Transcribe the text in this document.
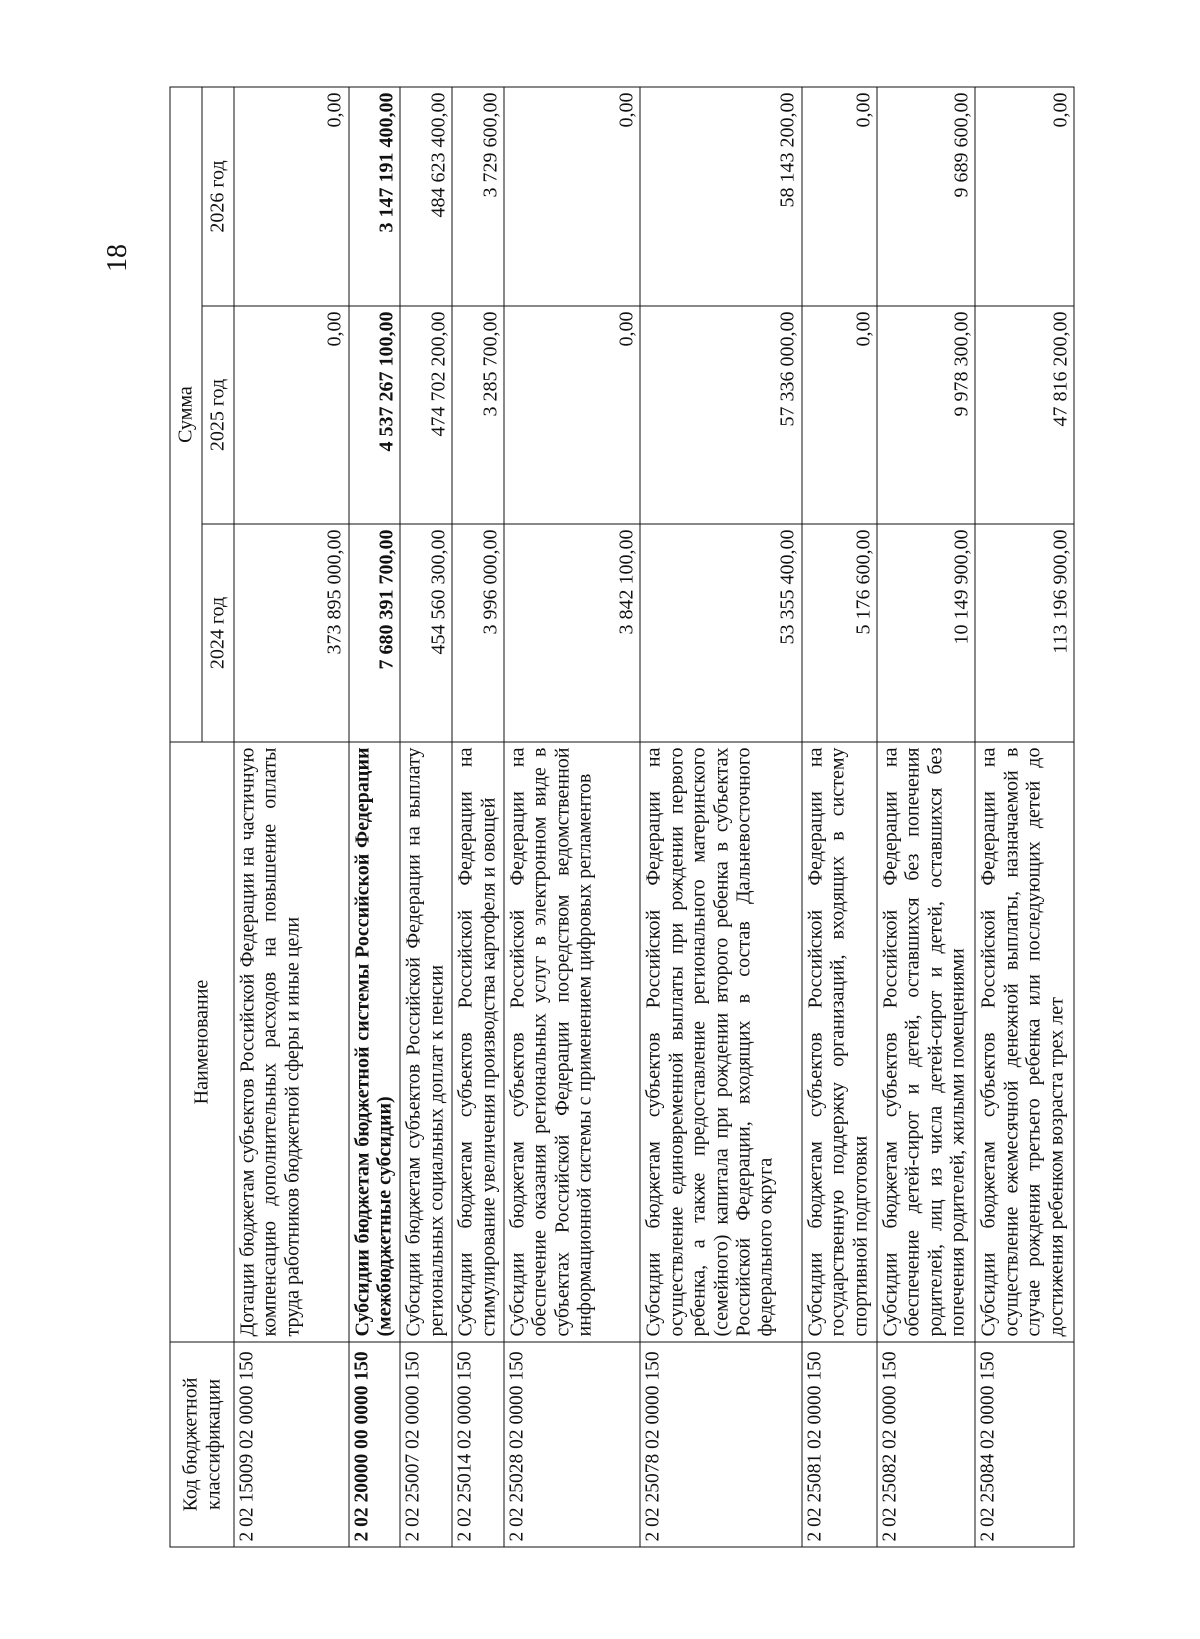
18
Код бюджетной классификации	Наименование	Сумма		
		2024 год	2025 год	2026 год
2 02 15009 02 0000 150	Дотации бюджетам субъектов Российской Федерации на частичную компенсацию дополнительных расходов на повышение оплаты труда работников бюджетной сферы и иные цели	373 895 000,00	0,00	0,00
2 02 20000 00 0000 150	Субсидии бюджетам бюджетной системы Российской Федерации (межбюджетные субсидии)	7 680 391 700,00	4 537 267 100,00	3 147 191 400,00
2 02 25007 02 0000 150	Субсидии бюджетам субъектов Российской Федерации на выплату региональных социальных доплат к пенсии	454 560 300,00	474 702 200,00	484 623 400,00
2 02 25014 02 0000 150	Субсидии бюджетам субъектов Российской Федерации на стимулирование увеличения производства картофеля и овощей	3 996 000,00	3 285 700,00	3 729 600,00
2 02 25028 02 0000 150	Субсидии бюджетам субъектов Российской Федерации на обеспечение оказания региональных услуг в электронном виде в субъектах Российской Федерации посредством ведомственной информационной системы с применением цифровых регламентов	3 842 100,00	0,00	0,00
2 02 25078 02 0000 150	Субсидии бюджетам субъектов Российской Федерации на осуществление единовременной выплаты при рождении первого ребенка, а также предоставление регионального материнского (семейного) капитала при рождении второго ребенка в субъектах Российской Федерации, входящих в состав Дальневосточного федерального округа	53 355 400,00	57 336 000,00	58 143 200,00
2 02 25081 02 0000 150	Субсидии бюджетам субъектов Российской Федерации на государственную поддержку организаций, входящих в систему спортивной подготовки	5 176 600,00	0,00	0,00
2 02 25082 02 0000 150	Субсидии бюджетам субъектов Российской Федерации на обеспечение детей-сирот и детей, оставшихся без попечения родителей, лиц из числа детей-сирот и детей, оставшихся без попечения родителей, жилыми помещениями	10 149 900,00	9 978 300,00	9 689 600,00
2 02 25084 02 0000 150	Субсидии бюджетам субъектов Российской Федерации на осуществление ежемесячной денежной выплаты, назначаемой в случае рождения третьего ребенка или последующих детей до достижения ребенком возраста трех лет	113 196 900,00	47 816 200,00	0,00
